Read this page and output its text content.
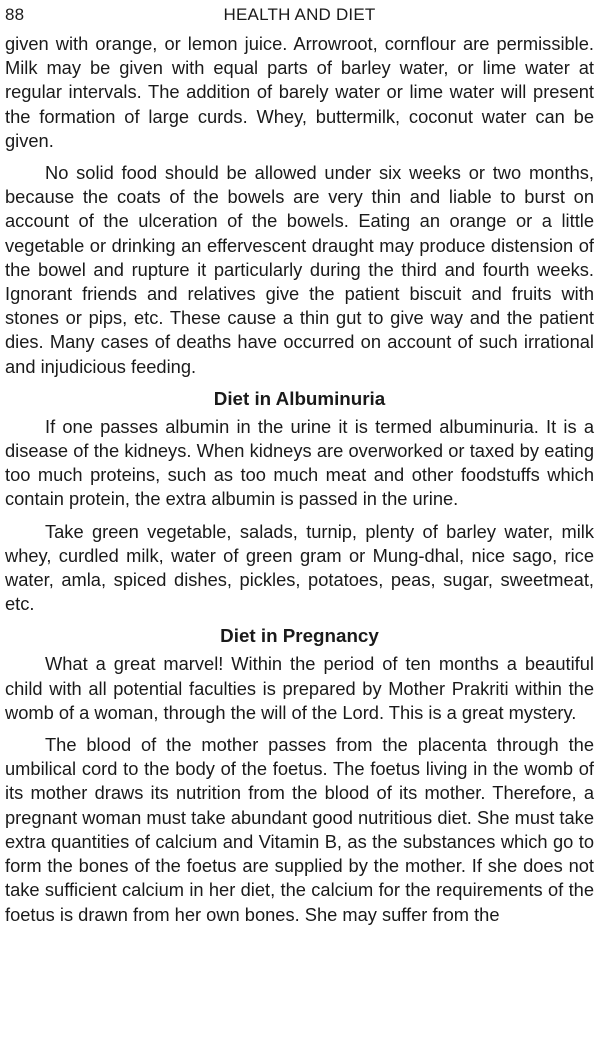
88	HEALTH AND DIET

given with orange, or lemon juice. Arrowroot, cornflour are permissible. Milk may be given with equal parts of barley water, or lime water at regular intervals. The addition of barely water or lime water will present the formation of large curds. Whey, buttermilk, coconut water can be given.

No solid food should be allowed under six weeks or two months, because the coats of the bowels are very thin and liable to burst on account of the ulceration of the bowels. Eating an orange or a little vegetable or drinking an effervescent draught may produce distension of the bowel and rupture it particularly during the third and fourth weeks. Ignorant friends and relatives give the patient biscuit and fruits with stones or pips, etc. These cause a thin gut to give way and the patient dies. Many cases of deaths have occurred on account of such irrational and injudicious feeding.

Diet in Albuminuria

If one passes albumin in the urine it is termed albuminuria. It is a disease of the kidneys. When kidneys are overworked or taxed by eating too much proteins, such as too much meat and other foodstuffs which contain protein, the extra albumin is passed in the urine.

Take green vegetable, salads, turnip, plenty of barley water, milk whey, curdled milk, water of green gram or Mung-dhal, nice sago, rice water, amla, spiced dishes, pickles, potatoes, peas, sugar, sweetmeat, etc.

Diet in Pregnancy

What a great marvel! Within the period of ten months a beautiful child with all potential faculties is prepared by Mother Prakriti within the womb of a woman, through the will of the Lord. This is a great mystery.

The blood of the mother passes from the placenta through the umbilical cord to the body of the foetus. The foetus living in the womb of its mother draws its nutrition from the blood of its mother. Therefore, a pregnant woman must take abundant good nutritious diet. She must take extra quantities of calcium and Vitamin B, as the substances which go to form the bones of the foetus are supplied by the mother. If she does not take sufficient calcium in her diet, the calcium for the requirements of the foetus is drawn from her own bones. She may suffer from the
